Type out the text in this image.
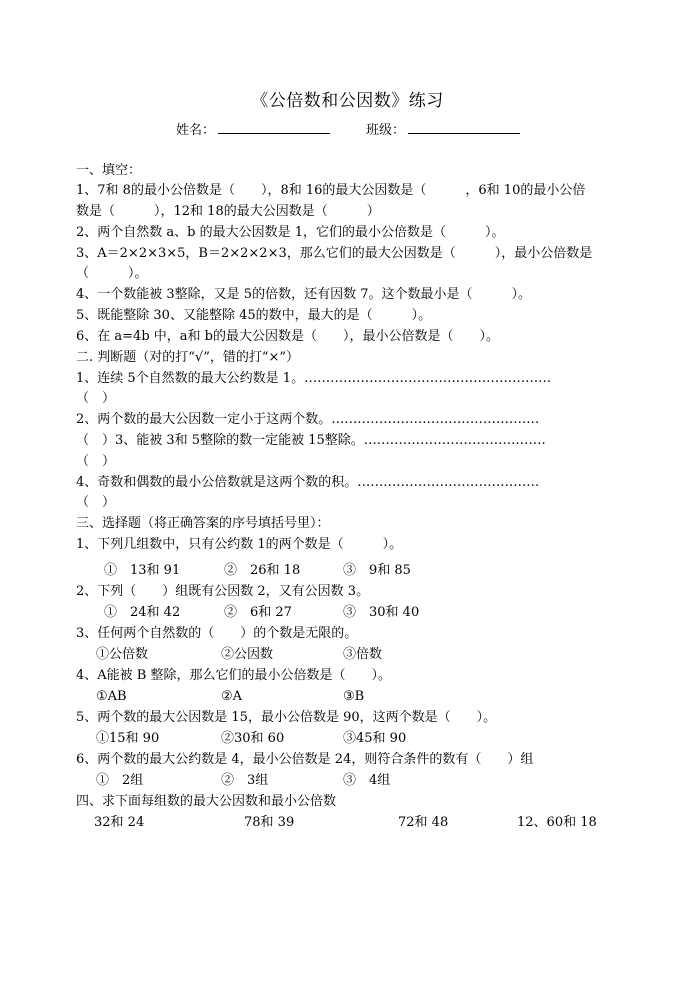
《公倍数和公因数》练习
姓名：	班级：
一、填空：
1、7和 8的最小公倍数是（　　），8和 16的最大公因数是（　　　，6和 10的最小公倍
数是（　　　），12和 18的最大公因数是（　　　）
2、两个自然数 a、b 的最大公因数是 1，它们的最小公倍数是（　　　）。
3、A＝2×2×3×5，B＝2×2×2×3，那么它们的最大公因数是（　　　），最小公倍数是
（　　　）。
4、一个数能被 3整除，又是 5的倍数，还有因数 7。这个数最小是（　　　）。
5、既能整除 30、又能整除 45的数中，最大的是（　　　）。
6、在 a=4b 中，a和 b的最大公因数是（　　），最小公倍数是（　　）。
二. 判断题（对的打“√”，错的打“×”）
1、连续 5个自然数的最大公约数是 1。…………………………………………………
（　）
2、两个数的最大公因数一定小于这两个数。…………………………………………
（　）3、能被 3和 5整除的数一定能被 15整除。……………………………………
（　）
4、奇数和偶数的最小公倍数就是这两个数的积。……………………………………
（　）
三、选择题（将正确答案的序号填括号里）：
1、下列几组数中，只有公约数 1的两个数是（　　　）。
①　13和 91	②　26和 18	③　9和 85
2、下列（　　）组既有公因数 2，又有公因数 3。
①　24和 42	②　6和 27	③　30和 40
3、任何两个自然数的（　　）的个数是无限的。
①公倍数	②公因数	③倍数
4、A能被 B 整除，那么它们的最小公倍数是（　　）。
①AB	②A	③B
5、两个数的最大公因数是 15，最小公倍数是 90，这两个数是（　　）。
①15和 90	②30和 60	③45和 90
6、两个数的最大公约数是 4，最小公倍数是 24，则符合条件的数有（　　）组
①　2组	②　3组	③　4组
四、求下面每组数的最大公因数和最小公倍数
32和 24	78和 39	72和 48	12、60和 18
